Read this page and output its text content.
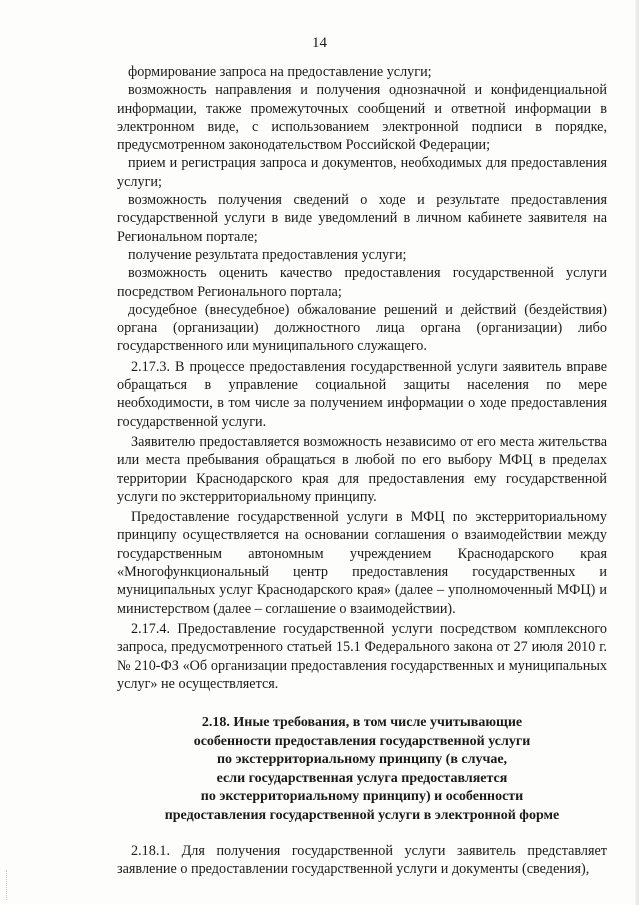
14

формирование запроса на предоставление услуги;

возможность направления и получения однозначной и конфиденциальной информации, также промежуточных сообщений и ответной информации в электронном виде, с использованием электронной подписи в порядке, предусмотренном законодательством Российской Федерации;

прием и регистрация запроса и документов, необходимых для предоставления услуги;

возможность получения сведений о ходе и результате предоставления государственной услуги в виде уведомлений в личном кабинете заявителя на Региональном портале;

получение результата предоставления услуги;

возможность оценить качество предоставления государственной услуги посредством Регионального портала;

досудебное (внесудебное) обжалование решений и действий (бездействия) органа (организации) должностного лица органа (организации) либо государственного или муниципального служащего.

2.17.3. В процессе предоставления государственной услуги заявитель вправе обращаться в управление социальной защиты населения по мере необходимости, в том числе за получением информации о ходе предоставления государственной услуги.

Заявителю предоставляется возможность независимо от его места жительства или места пребывания обращаться в любой по его выбору МФЦ в пределах территории Краснодарского края для предоставления ему государственной услуги по экстерриториальному принципу.

Предоставление государственной услуги в МФЦ по экстерриториальному принципу осуществляется на основании соглашения о взаимодействии между государственным автономным учреждением Краснодарского края «Многофункциональный центр предоставления государственных и муниципальных услуг Краснодарского края» (далее – уполномоченный МФЦ) и министерством (далее – соглашение о взаимодействии).

2.17.4. Предоставление государственной услуги посредством комплексного запроса, предусмотренного статьей 15.1 Федерального закона от 27 июля 2010 г. № 210-ФЗ «Об организации предоставления государственных и муниципальных услуг» не осуществляется.

2.18. Иные требования, в том числе учитывающие
особенности предоставления государственной услуги
по экстерриториальному принципу (в случае,
если государственная услуга предоставляется
по экстерриториальному принципу) и особенности
предоставления государственной услуги в электронной форме

2.18.1. Для получения государственной услуги заявитель представляет заявление о предоставлении государственной услуги и документы (сведения),
